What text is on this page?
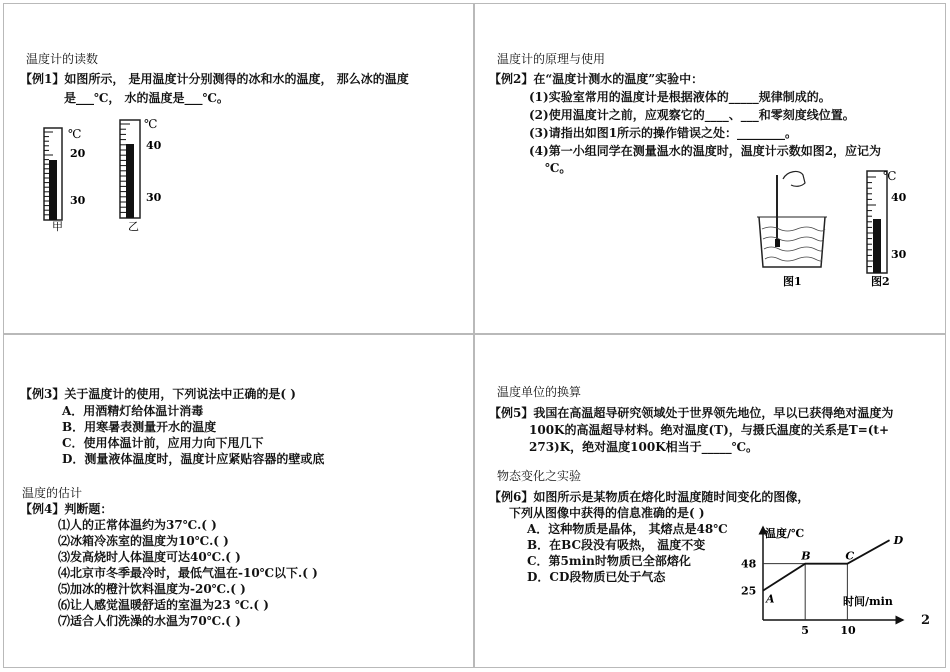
温度计的读数
【例1】如图所示， 是用温度计分别测得的冰和水的温度， 那么冰的温度
是___℃， 水的温度是___℃。
℃
20
30
甲
℃
40
30
乙
温度计的原理与使用
【例2】在“温度计测水的温度”实验中：
(1)实验室常用的温度计是根据液体的_____规律制成的。
(2)使用温度计之前，应观察它的____、___和零刻度线位置。
(3)请指出如图1所示的操作错误之处：________。
(4)第一小组同学在测量温水的温度时，温度计示数如图2，应记为
℃。
图1
℃
40
30
图2
【例3】关于温度计的使用，下列说法中正确的是( )
A．用酒精灯给体温计消毒
B．用寒暑表测量开水的温度
C．使用体温计前，应用力向下甩几下
D．测量液体温度时，温度计应紧贴容器的壁或底
温度的估计
【例4】判断题：
⑴人的正常体温约为37℃.( )
⑵冰箱冷冻室的温度为10℃.( )
⑶发高烧时人体温度可达40℃.( )
⑷北京市冬季最冷时，最低气温在-10℃以下.( )
⑸加冰的橙汁饮料温度为-20℃.( )
⑹让人感觉温暖舒适的室温为23 ℃.( )
⑺适合人们洗澡的水温为70℃.( )
温度单位的换算
【例5】我国在高温超导研究领域处于世界领先地位，早以已获得绝对温度为
100K的高温超导材料。绝对温度(T)，与摄氏温度的关系是T=(t+
273)K，绝对温度100K相当于_____℃。
物态变化之实验
【例6】如图所示是某物质在熔化时温度随时间变化的图像，
下列从图像中获得的信息准确的是( )
A．这种物质是晶体， 其熔点是48℃
B．在BC段没有吸热， 温度不变
C．第5min时物质已全部熔化
D．CD段物质已处于气态
A
B	C
D
25
48
5	10
温度/℃
时间/min
2
